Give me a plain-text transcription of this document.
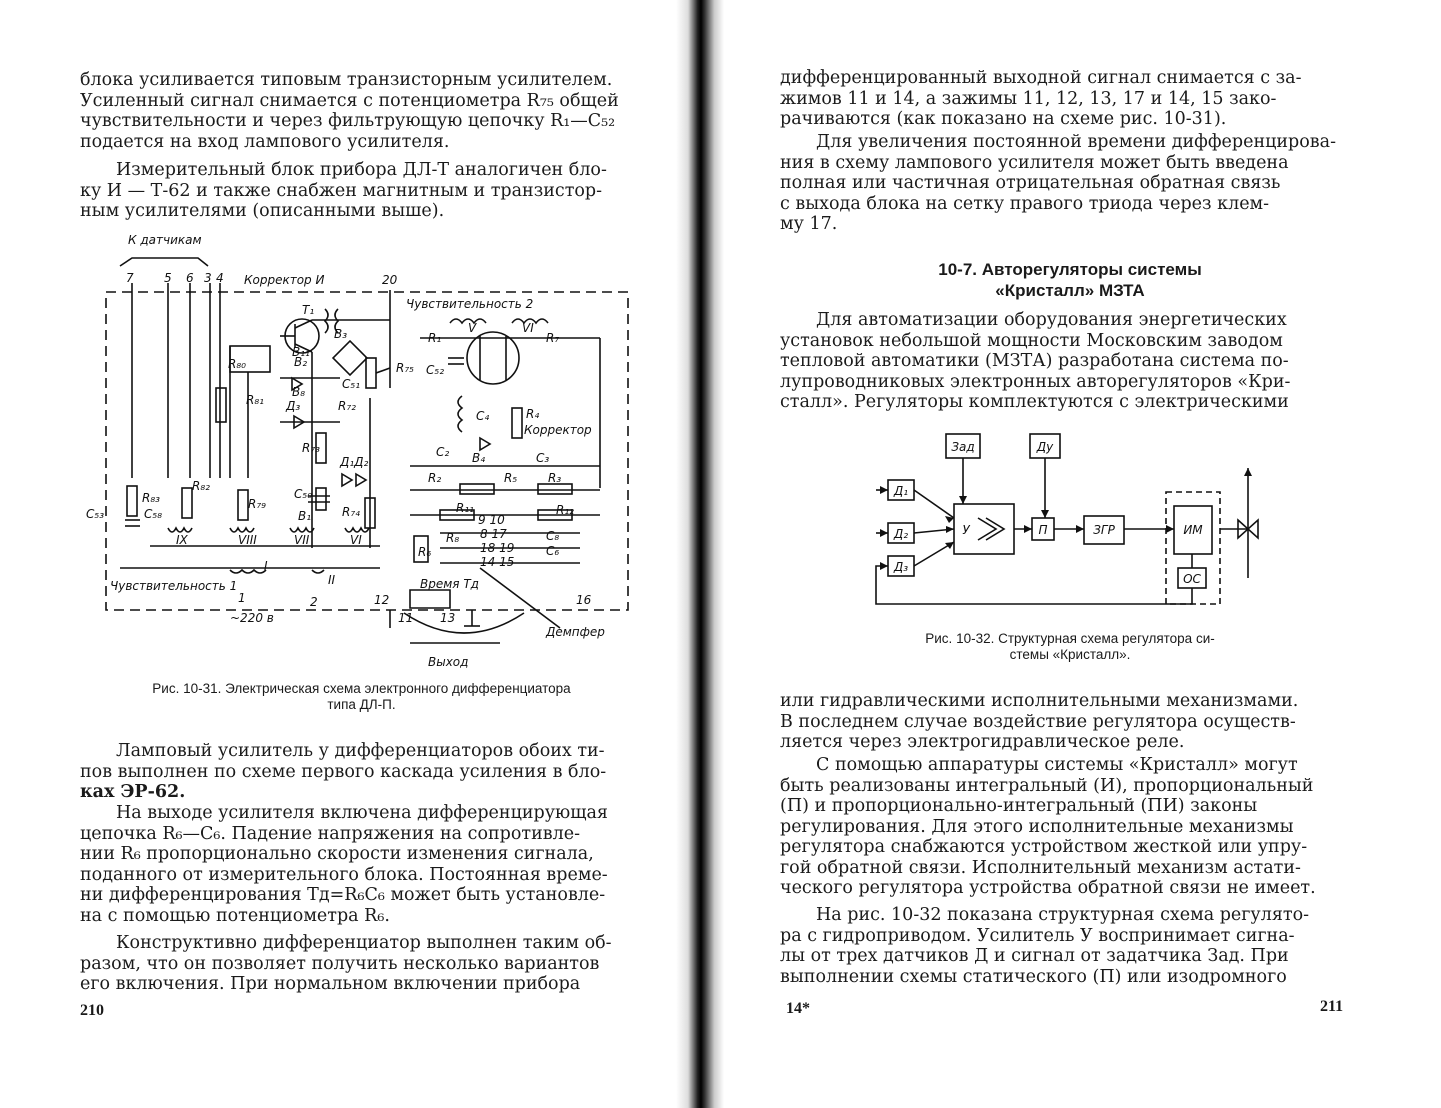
блока усиливается типовым транзисторным усилителем.
Усиленный сигнал снимается с потенциометра R₇₅ общей
чувствительности и через фильтрующую цепочку R₁—C₅₂
подается на вход лампового усилителя.
Измерительный блок прибора ДЛ-Т аналогичен бло-
ку И — Т-62 и также снабжен магнитным и транзистор-
ным усилителями (описанными выше).
К датчикам
7	5 6 3 4 Корректор И	20
Чувствительность 2
T₁
B₃	R₁	R₇
V	VI
R₈₀	B₂
B₁₁
R₇₅
C₅₁
C₅₂
R₈₁ Д₃
B₈
R₇₂
C₄	R₄
Корректор
R₇₃
Д₁Д₂
C₂ B₄	C₃
R₂	R₅	R₃
R₈₃
C₅₈
R₈₂
R₇₉
C₅₀
B₁	R₇₄	R₁₁
9 10
R₁₂
C₅₃
8 17	C₈
R₆
R₈
18 19	C₆
14 15
IX	VIII	VII	VI
Время Tд
Чувствительность 1
I
II
1	2	12	16
~220 в	11 13
Демпфер
Выход
Рис. 10-31. Электрическая схема электронного дифференциатора
типа ДЛ-П.
Ламповый усилитель у дифференциаторов обоих ти-
пов выполнен по схеме первого каскада усиления в бло-
ках ЭР-62.
На выходе усилителя включена дифференцирующая
цепочка R₆—C₆. Падение напряжения на сопротивле-
нии R₆ пропорционально скорости изменения сигнала,
поданного от измерительного блока. Постоянная време-
ни дифференцирования Tд=R₆C₆ может быть установле-
на с помощью потенциометра R₆.
Конструктивно дифференциатор выполнен таким об-
разом, что он позволяет получить несколько вариантов
его включения. При нормальном включении прибора
210
дифференцированный выходной сигнал снимается с за-
жимов 11 и 14, а зажимы 11, 12, 13, 17 и 14, 15 зако-
рачиваются (как показано на схеме рис. 10-31).
Для увеличения постоянной времени дифференцирова-
ния в схему лампового усилителя может быть введена
полная или частичная отрицательная обратная связь
с выхода блока на сетку правого триода через клем-
му 17.
10-7. Авторегуляторы системы
«Кристалл» МЗТА
Для автоматизации оборудования энергетических
установок небольшой мощности Московским заводом
тепловой автоматики (МЗТА) разработана система по-
лупроводниковых электронных авторегуляторов «Кри-
сталл». Регуляторы комплектуются с электрическими
Зад	Ду
Д₁
Д₂
Д₃
У	П	ЗГР	ИМ
ОС
Рис. 10-32. Структурная схема регулятора си-
стемы «Кристалл».
или гидравлическими исполнительными механизмами.
В последнем случае воздействие регулятора осуществ-
ляется через электрогидравлическое реле.
С помощью аппаратуры системы «Кристалл» могут
быть реализованы интегральный (И), пропорциональный
(П) и пропорционально-интегральный (ПИ) законы
регулирования. Для этого исполнительные механизмы
регулятора снабжаются устройством жесткой или упру-
гой обратной связи. Исполнительный механизм астати-
ческого регулятора устройства обратной связи не имеет.
На рис. 10-32 показана структурная схема регулято-
ра с гидроприводом. Усилитель У воспринимает сигна-
лы от трех датчиков Д и сигнал от задатчика Зад. При
выполнении схемы статического (П) или изодромного
14*	211
